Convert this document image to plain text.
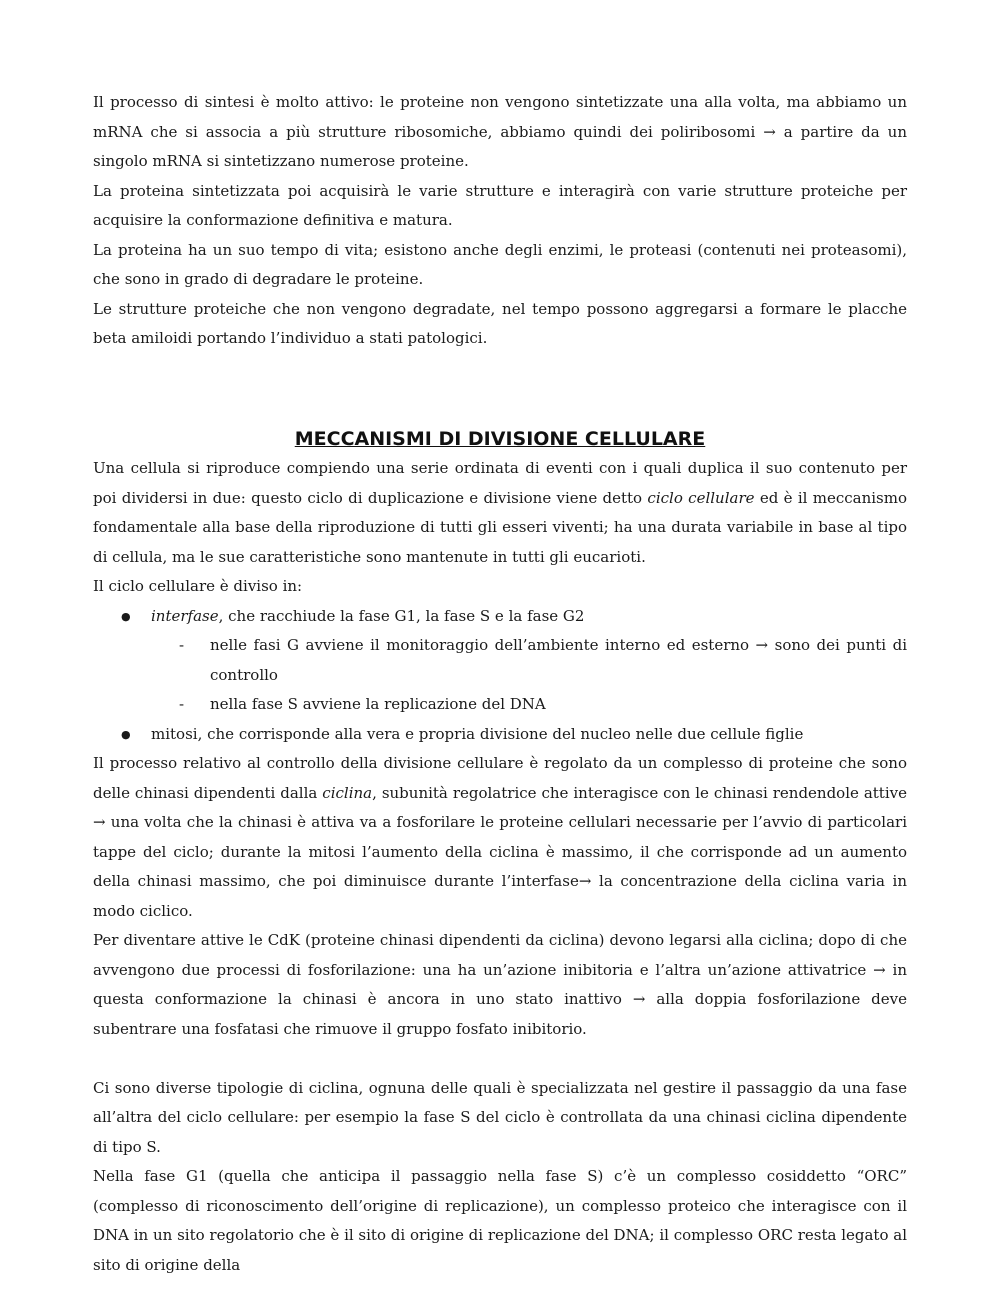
Il processo di sintesi è molto attivo: le proteine non vengono sintetizzate una alla volta, ma abbiamo un mRNA che si associa a più strutture ribosomiche, abbiamo quindi dei poliribosomi → a partire da un singolo mRNA si sintetizzano numerose proteine.

La proteina sintetizzata poi acquisirà le varie strutture e interagirà con varie strutture proteiche per acquisire la conformazione definitiva e matura.

La proteina ha un suo tempo di vita; esistono anche degli enzimi, le proteasi (contenuti nei proteasomi), che sono in grado di degradare le proteine.

Le strutture proteiche che non vengono degradate, nel tempo possono aggregarsi a formare le placche beta amiloidi portando l’individuo a stati patologici.

MECCANISMI DI DIVISIONE CELLULARE

Una cellula si riproduce compiendo una serie ordinata di eventi con i quali duplica il suo contenuto per poi dividersi in due: questo ciclo di duplicazione e divisione viene detto ciclo cellulare ed è il meccanismo fondamentale alla base della riproduzione di tutti gli esseri viventi; ha una durata variabile in base al tipo di cellula, ma le sue caratteristiche sono mantenute in tutti gli eucarioti.

Il ciclo cellulare è diviso in:

● interfase, che racchiude la fase G1, la fase S e la fase G2
- nelle fasi G avviene il monitoraggio dell’ambiente interno ed esterno → sono dei punti di controllo
- nella fase S avviene la replicazione del DNA
● mitosi, che corrisponde alla vera e propria divisione del nucleo nelle due cellule figlie

Il processo relativo al controllo della divisione cellulare è regolato da un complesso di proteine che sono delle chinasi dipendenti dalla ciclina, subunità regolatrice che interagisce con le chinasi rendendole attive → una volta che la chinasi è attiva va a fosforilare le proteine cellulari necessarie per l’avvio di particolari tappe del ciclo; durante la mitosi l’aumento della ciclina è massimo, il che corrisponde ad un aumento della chinasi massimo, che poi diminuisce durante l’interfase→ la concentrazione della ciclina varia in modo ciclico.

Per diventare attive le CdK (proteine chinasi dipendenti da ciclina) devono legarsi alla ciclina; dopo di che avvengono due processi di fosforilazione: una ha un’azione inibitoria e l’altra un’azione attivatrice → in questa conformazione la chinasi è ancora in uno stato inattivo → alla doppia fosforilazione deve subentrare una fosfatasi che rimuove il gruppo fosfato inibitorio.

Ci sono diverse tipologie di ciclina, ognuna delle quali è specializzata nel gestire il passaggio da una fase all’altra del ciclo cellulare: per esempio la fase S del ciclo è controllata da una chinasi ciclina dipendente di tipo S.

Nella fase G1 (quella che anticipa il passaggio nella fase S) c’è un complesso cosiddetto “ORC” (complesso di riconoscimento dell’origine di replicazione), un complesso proteico che interagisce con il DNA in un sito regolatorio che è il sito di origine di replicazione del DNA; il complesso ORC resta legato al sito di origine della
